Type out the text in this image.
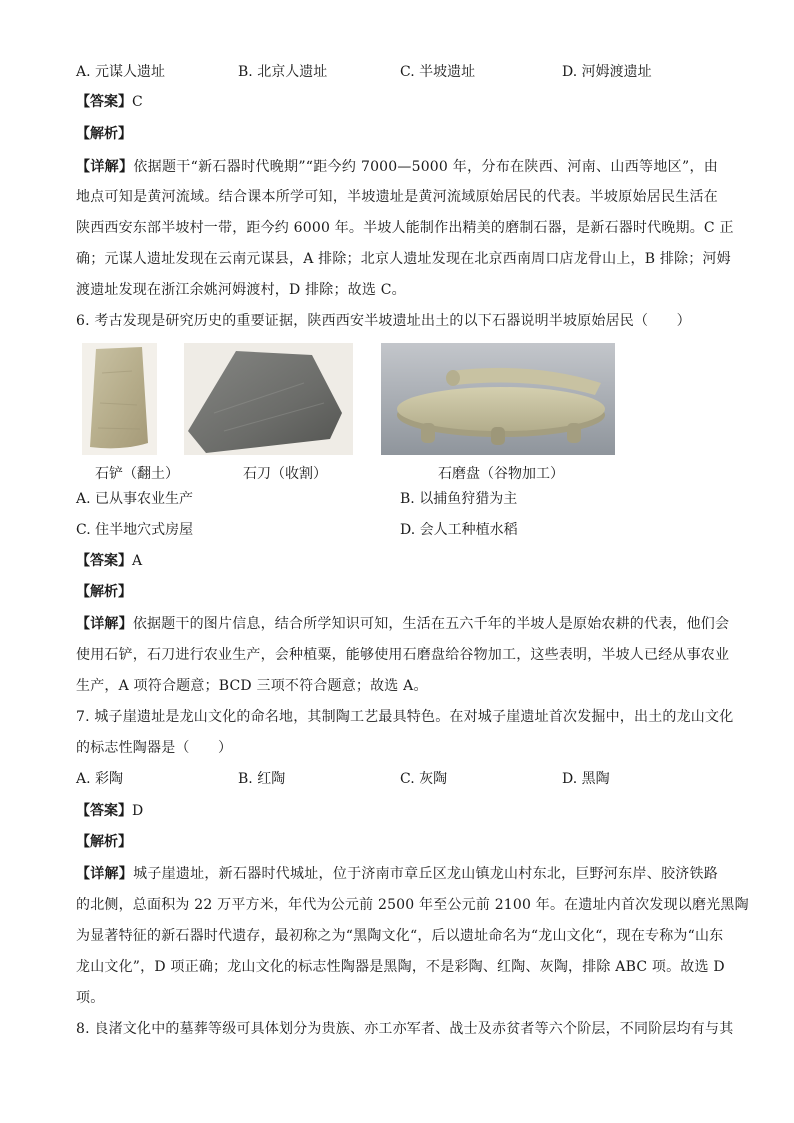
A. 元谋人遗址	B. 北京人遗址	C. 半坡遗址	D. 河姆渡遗址
【答案】C
【解析】
【详解】依据题干“新石器时代晚期”“距今约 7000—5000 年，分布在陕西、河南、山西等地区”，由
地点可知是黄河流域。结合课本所学可知，半坡遗址是黄河流域原始居民的代表。半坡原始居民生活在
陕西西安东部半坡村一带，距今约 6000 年。半坡人能制作出精美的磨制石器，是新石器时代晚期。C 正
确；元谋人遗址发现在云南元谋县，A 排除；北京人遗址发现在北京西南周口店龙骨山上，B 排除；河姆
渡遗址发现在浙江余姚河姆渡村，D 排除；故选 C。
6. 考古发现是研究历史的重要证据，陕西西安半坡遗址出土的以下石器说明半坡原始居民（　　）
石铲（翻土）	石刀（收割）	石磨盘（谷物加工）
A. 已从事农业生产	B. 以捕鱼狩猎为主
C. 住半地穴式房屋	D. 会人工种植水稻
【答案】A
【解析】
【详解】依据题干的图片信息，结合所学知识可知，生活在五六千年的半坡人是原始农耕的代表，他们会
使用石铲，石刀进行农业生产，会种植粟，能够使用石磨盘给谷物加工，这些表明，半坡人已经从事农业
生产，A 项符合题意；BCD 三项不符合题意；故选 A。
7. 城子崖遗址是龙山文化的命名地，其制陶工艺最具特色。在对城子崖遗址首次发掘中，出土的龙山文化
的标志性陶器是（　　）
A. 彩陶	B. 红陶	C. 灰陶	D. 黑陶
【答案】D
【解析】
【详解】城子崖遗址，新石器时代城址，位于济南市章丘区龙山镇龙山村东北，巨野河东岸、胶济铁路
的北侧，总面积为 22 万平方米，年代为公元前 2500 年至公元前 2100 年。在遗址内首次发现以磨光黑陶
为显著特征的新石器时代遗存，最初称之为“黑陶文化“，后以遗址命名为“龙山文化“，现在专称为“山东
龙山文化”，D 项正确；龙山文化的标志性陶器是黑陶，不是彩陶、红陶、灰陶，排除 ABC 项。故选 D
项。
8. 良渚文化中的墓葬等级可具体划分为贵族、亦工亦军者、战士及赤贫者等六个阶层，不同阶层均有与其
